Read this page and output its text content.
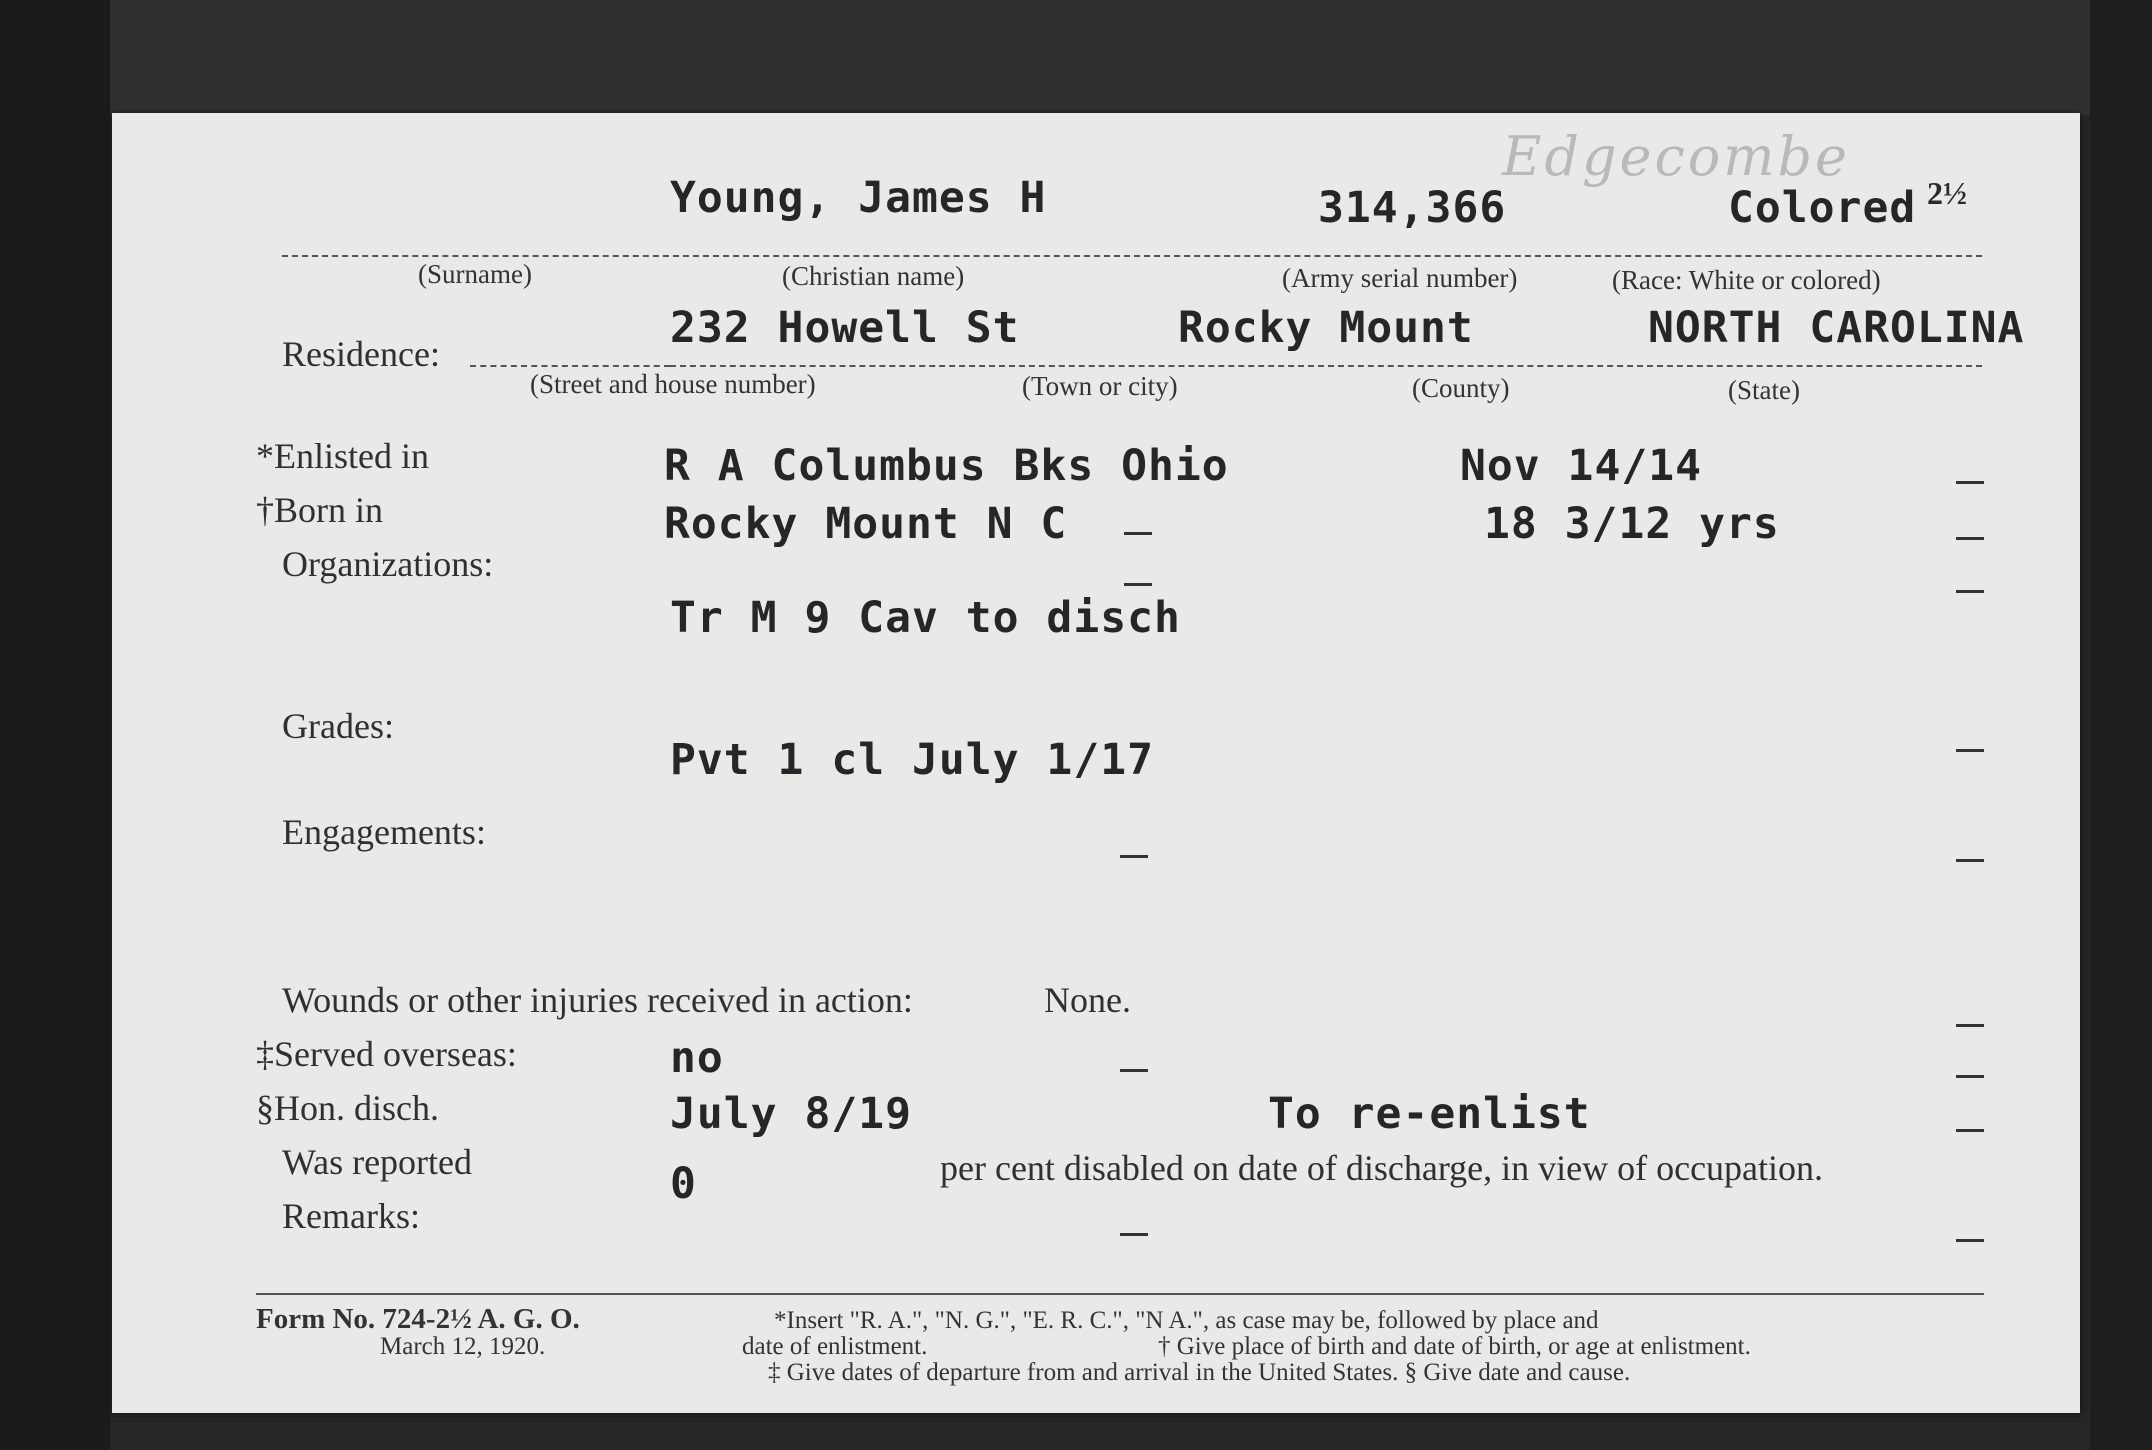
Edgecombe
Young, James H	314,366	Colored 2½
(Surname)	(Christian name)	(Army serial number)	(Race: White or colored)
Residence:
232 Howell St	Rocky Mount	NORTH CAROLINA
(Street and house number)	(Town or city)	(County)	(State)
*Enlisted in	R A Columbus Bks Ohio	Nov 14/14
†Born in	Rocky Mount N C	18 3/12 yrs
Organizations:
Tr M 9 Cav to disch
Grades:
Pvt 1 cl July 1/17
Engagements:
Wounds or other injuries received in action:	None.
‡Served overseas:	no
§Hon. disch.	July 8/19	To re-enlist
Was reported	0	per cent disabled on date of discharge, in view of occupation.
Remarks:
Form No. 724-2½ A. G. O.
March 12, 1920.
*Insert "R. A.", "N. G.", "E. R. C.", "N A.", as case may be, followed by place and
date of enlistment.	† Give place of birth and date of birth, or age at enlistment.
‡ Give dates of departure from and arrival in the United States. § Give date and cause.
